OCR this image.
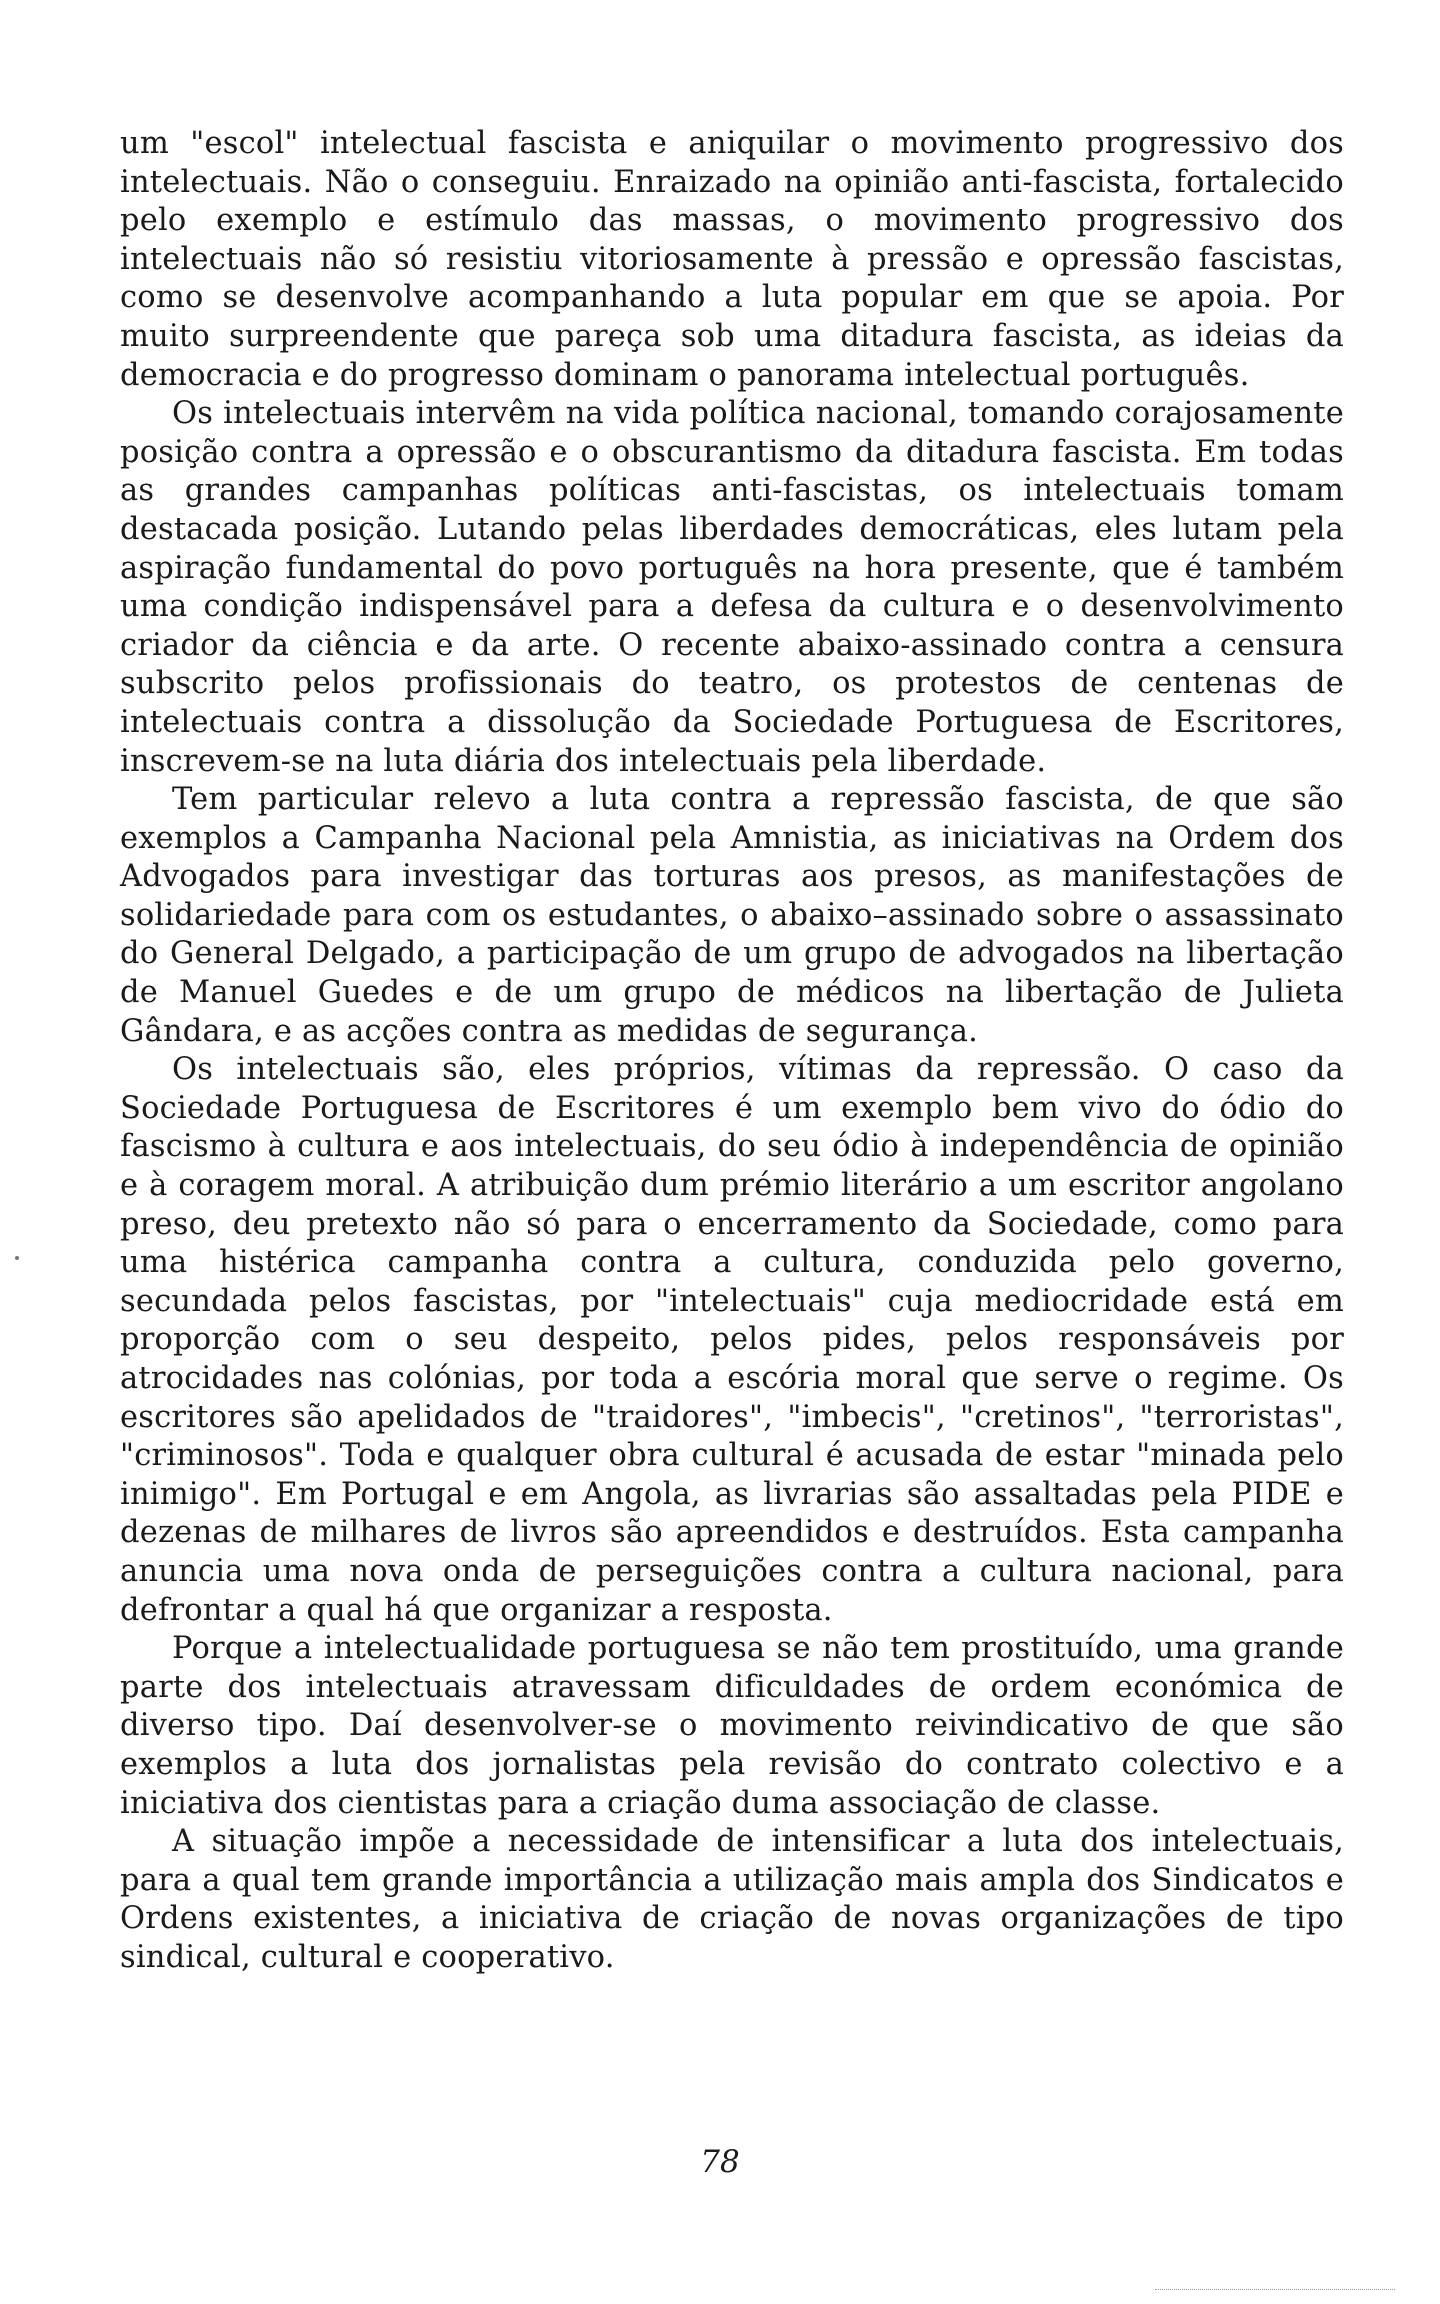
um "escol" intelectual fascista e aniquilar o movimento progressivo dos intelectuais. Não o conseguiu. Enraizado na opinião anti-fascista, fortalecido pelo exemplo e estímulo das massas, o movimento progressivo dos intelectuais não só resistiu vitoriosamente à pressão e opressão fascistas, como se desenvolve acompanhando a luta popular em que se apoia. Por muito surpreendente que pareça sob uma ditadura fascista, as ideias da democracia e do progresso dominam o panorama intelectual português.

Os intelectuais intervêm na vida política nacional, tomando corajosamente posição contra a opressão e o obscurantismo da ditadura fascista. Em todas as grandes campanhas políticas anti-fascistas, os intelectuais tomam destacada posição. Lutando pelas liberdades democráticas, eles lutam pela aspiração fundamental do povo português na hora presente, que é também uma condição indispensável para a defesa da cultura e o desenvolvimento criador da ciência e da arte. O recente abaixo-assinado contra a censura subscrito pelos profissionais do teatro, os protestos de centenas de intelectuais contra a dissolução da Sociedade Portuguesa de Escritores, inscrevem-se na luta diária dos intelectuais pela liberdade.

Tem particular relevo a luta contra a repressão fascista, de que são exemplos a Campanha Nacional pela Amnistia, as iniciativas na Ordem dos Advogados para investigar das torturas aos presos, as manifestações de solidariedade para com os estudantes, o abaixo–assinado sobre o assassinato do General Delgado, a participação de um grupo de advogados na libertação de Manuel Guedes e de um grupo de médicos na libertação de Julieta Gândara, e as acções contra as medidas de segurança.

Os intelectuais são, eles próprios, vítimas da repressão. O caso da Sociedade Portuguesa de Escritores é um exemplo bem vivo do ódio do fascismo à cultura e aos intelectuais, do seu ódio à independência de opinião e à coragem moral. A atribuição dum prémio literário a um escritor angolano preso, deu pretexto não só para o encerramento da Sociedade, como para uma histérica campanha contra a cultura, conduzida pelo governo, secundada pelos fascistas, por "intelectuais" cuja mediocridade está em proporção com o seu despeito, pelos pides, pelos responsáveis por atrocidades nas colónias, por toda a escória moral que serve o regime. Os escritores são apelidados de "traidores", "imbecis", "cretinos", "terroristas", "criminosos". Toda e qualquer obra cultural é acusada de estar "minada pelo inimigo". Em Portugal e em Angola, as livrarias são assaltadas pela PIDE e dezenas de milhares de livros são apreendidos e destruídos. Esta campanha anuncia uma nova onda de perseguições contra a cultura nacional, para defrontar a qual há que organizar a resposta.

Porque a intelectualidade portuguesa se não tem prostituído, uma grande parte dos intelectuais atravessam dificuldades de ordem económica de diverso tipo. Daí desenvolver-se o movimento reivindicativo de que são exemplos a luta dos jornalistas pela revisão do contrato colectivo e a iniciativa dos cientistas para a criação duma associação de classe.

A situação impõe a necessidade de intensificar a luta dos intelectuais, para a qual tem grande importância a utilização mais ampla dos Sindicatos e Ordens existentes, a iniciativa de criação de novas organizações de tipo sindical, cultural e cooperativo.

78
